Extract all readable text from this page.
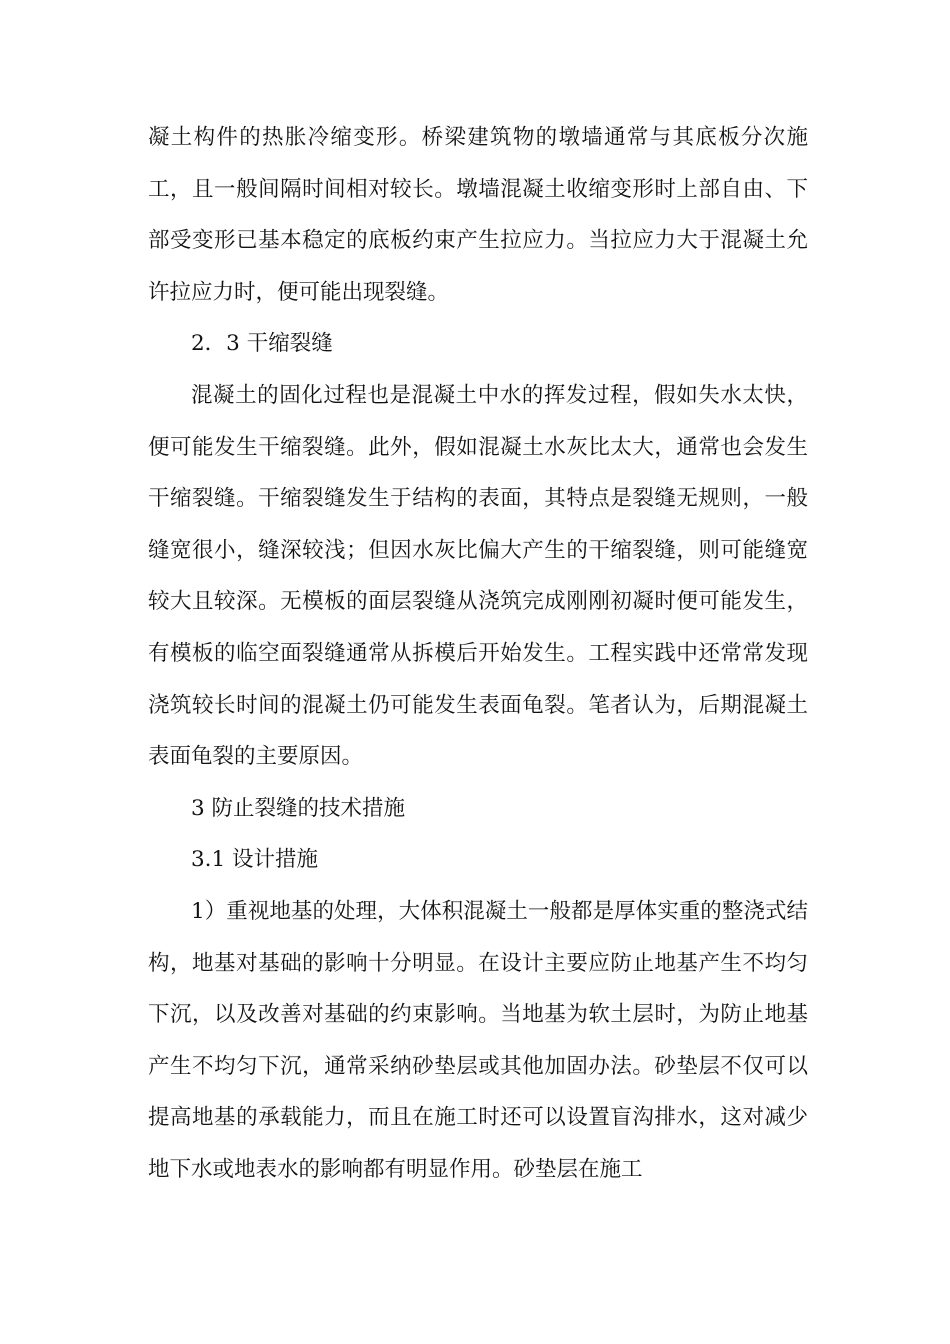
凝土构件的热胀冷缩变形。桥梁建筑物的墩墙通常与其底板分次施工，且一般间隔时间相对较长。墩墙混凝土收缩变形时上部自由、下部受变形已基本稳定的底板约束产生拉应力。当拉应力大于混凝土允许拉应力时，便可能出现裂缝。

2．3 干缩裂缝

混凝土的固化过程也是混凝土中水的挥发过程，假如失水太快，便可能发生干缩裂缝。此外，假如混凝土水灰比太大，通常也会发生干缩裂缝。干缩裂缝发生于结构的表面，其特点是裂缝无规则，一般缝宽很小，缝深较浅；但因水灰比偏大产生的干缩裂缝，则可能缝宽较大且较深。无模板的面层裂缝从浇筑完成刚刚初凝时便可能发生，有模板的临空面裂缝通常从拆模后开始发生。工程实践中还常常发现浇筑较长时间的混凝土仍可能发生表面龟裂。笔者认为，后期混凝土表面龟裂的主要原因。

3 防止裂缝的技术措施

3.1 设计措施

1）重视地基的处理，大体积混凝土一般都是厚体实重的整浇式结构，地基对基础的影响十分明显。在设计主要应防止地基产生不均匀下沉，以及改善对基础的约束影响。当地基为软土层时，为防止地基产生不均匀下沉，通常采纳砂垫层或其他加固办法。砂垫层不仅可以提高地基的承载能力，而且在施工时还可以设置盲沟排水，这对减少地下水或地表水的影响都有明显作用。砂垫层在施工
